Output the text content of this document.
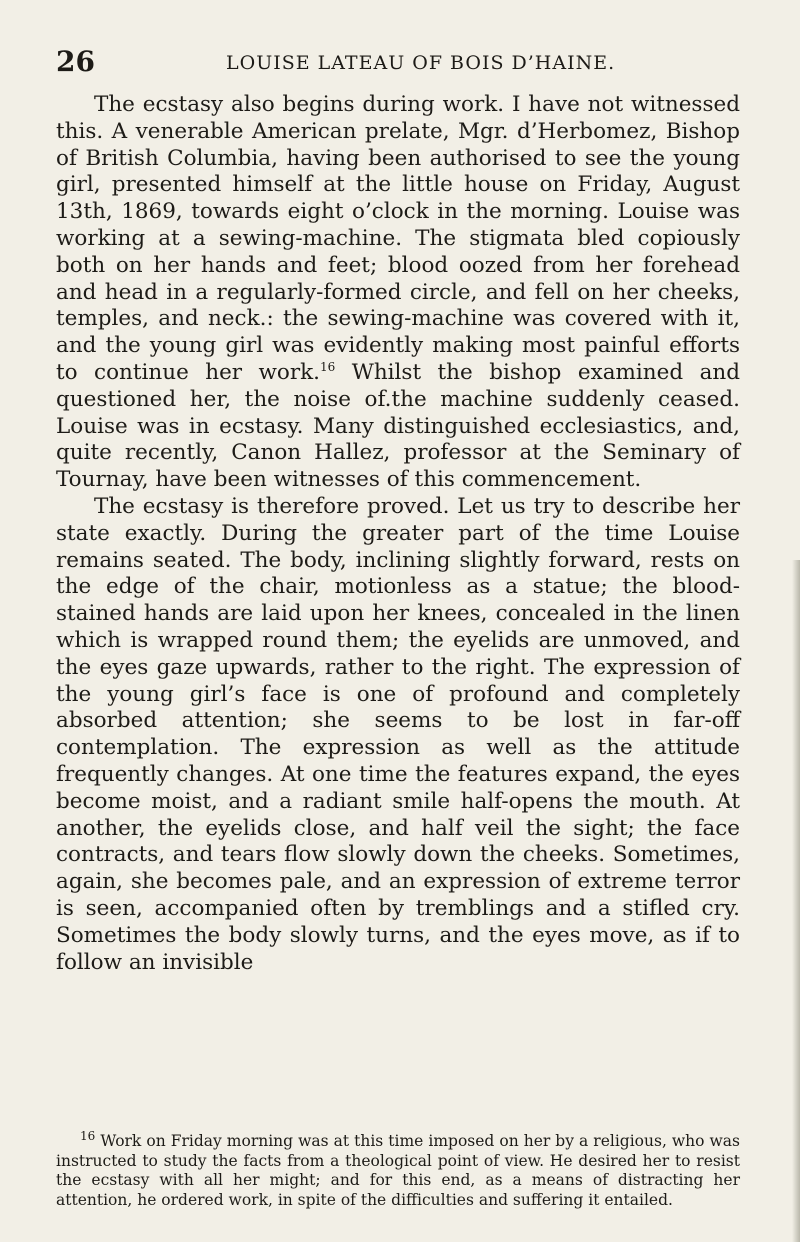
26	LOUISE LATEAU OF BOIS D’HAINE.

The ecstasy also begins during work. I have not witnessed this. A venerable American prelate, Mgr. d’Herbomez, Bishop of British Columbia, having been authorised to see the young girl, presented himself at the little house on Friday, August 13th, 1869, towards eight o’clock in the morning. Louise was working at a sewing-machine. The stigmata bled copiously both on her hands and feet; blood oozed from her forehead and head in a regularly-formed circle, and fell on her cheeks, temples, and neck.: the sewing-machine was covered with it, and the young girl was evidently making most painful efforts to continue her work.$^{16}$ Whilst the bishop examined and questioned her, the noise of.the machine suddenly ceased. Louise was in ecstasy. Many distinguished ecclesiastics, and, quite recently, Canon Hallez, professor at the Seminary of Tournay, have been witnesses of this commencement.

The ecstasy is therefore proved. Let us try to describe her state exactly. During the greater part of the time Louise remains seated. The body, inclining slightly forward, rests on the edge of the chair, motionless as a statue; the blood-stained hands are laid upon her knees, concealed in the linen which is wrapped round them; the eyelids are unmoved, and the eyes gaze upwards, rather to the right. The expression of the young girl’s face is one of profound and completely absorbed attention; she seems to be lost in far-off contemplation. The expression as well as the attitude frequently changes. At one time the features expand, the eyes become moist, and a radiant smile half-opens the mouth. At another, the eyelids close, and half veil the sight; the face contracts, and tears flow slowly down the cheeks. Sometimes, again, she becomes pale, and an expression of extreme terror is seen, accompanied often by tremblings and a stifled cry. Sometimes the body slowly turns, and the eyes move, as if to follow an invisible

$^{16}$ Work on Friday morning was at this time imposed on her by a religious, who was instructed to study the facts from a theological point of view. He desired her to resist the ecstasy with all her might; and for this end, as a means of distracting her attention, he ordered work, in spite of the difficulties and suffering it entailed.
